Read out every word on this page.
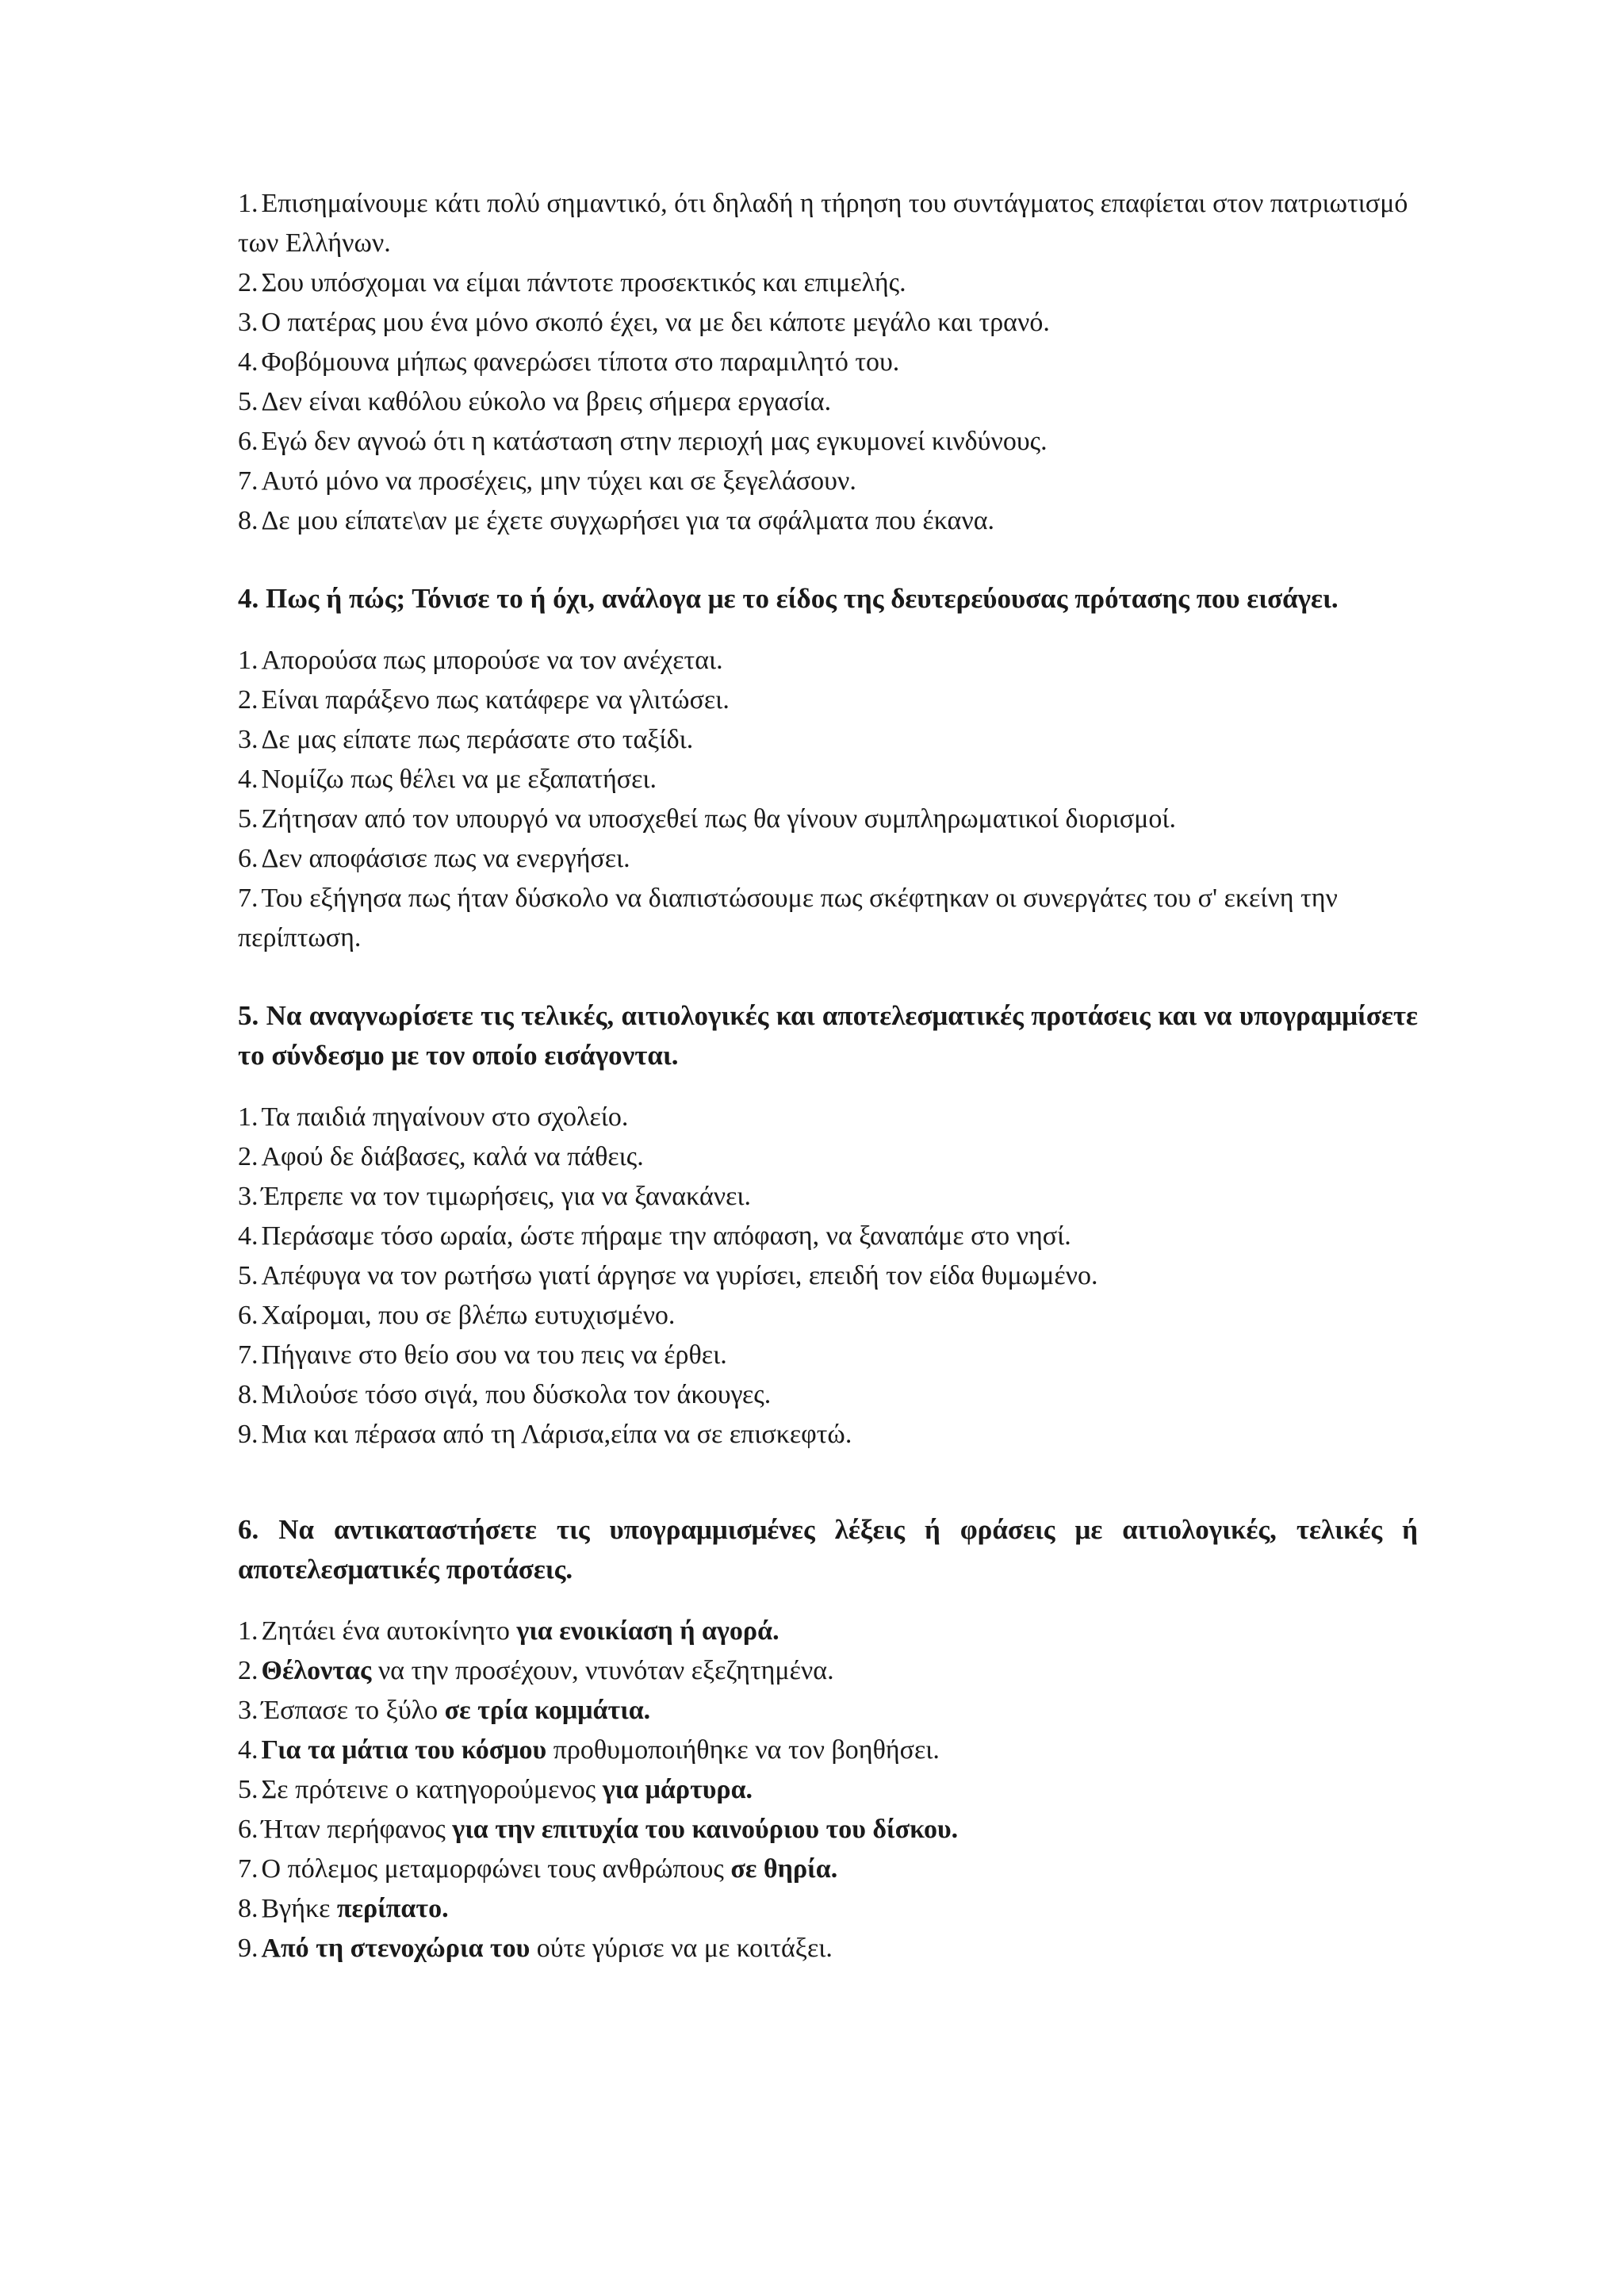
1. Επισημαίνουμε κάτι πολύ σημαντικό, ότι δηλαδή η τήρηση του συντάγματος επαφίεται στον πατριωτισμό των Ελλήνων.

2. Σου υπόσχομαι να είμαι πάντοτε προσεκτικός και επιμελής.

3. Ο πατέρας μου ένα μόνο σκοπό έχει, να με δει κάποτε μεγάλο και τρανό.

4. Φοβόμουνα μήπως φανερώσει τίποτα στο παραμιλητό του.

5. Δεν είναι καθόλου εύκολο να βρεις σήμερα εργασία.

6. Εγώ δεν αγνοώ ότι η κατάσταση στην περιοχή μας εγκυμονεί κινδύνους.

7. Αυτό μόνο να προσέχεις, μην τύχει και σε ξεγελάσουν.

8. Δε μου είπατε\αν με έχετε συγχωρήσει για τα σφάλματα που έκανα.

4. Πως ή πώς; Τόνισε το ή όχι, ανάλογα με το είδος της δευτερεύουσας πρότασης που εισάγει.

1. Απορούσα πως μπορούσε να τον ανέχεται.

2. Είναι παράξενο πως κατάφερε να γλιτώσει.

3. Δε μας είπατε πως περάσατε στο ταξίδι.

4. Νομίζω πως θέλει να με εξαπατήσει.

5. Ζήτησαν από τον υπουργό να υποσχεθεί πως θα γίνουν συμπληρωματικοί διορισμοί.

6. Δεν αποφάσισε πως να ενεργήσει.

7. Του εξήγησα πως ήταν δύσκολο να διαπιστώσουμε πως σκέφτηκαν οι συνεργάτες του σ' εκείνη την περίπτωση.

5. Να αναγνωρίσετε τις τελικές, αιτιολογικές και αποτελεσματικές προτάσεις και να υπογραμμίσετε το σύνδεσμο με τον οποίο εισάγονται.

1. Τα παιδιά πηγαίνουν στο σχολείο.

2. Αφού δε διάβασες, καλά να πάθεις.

3. Έπρεπε να τον τιμωρήσεις, για να ξανακάνει.

4. Περάσαμε τόσο ωραία, ώστε πήραμε την απόφαση, να ξαναπάμε στο νησί.

5. Απέφυγα να τον ρωτήσω γιατί άργησε να γυρίσει, επειδή τον είδα θυμωμένο.

6. Χαίρομαι, που σε βλέπω ευτυχισμένο.

7. Πήγαινε στο θείο σου να του πεις να έρθει.

8. Μιλούσε τόσο σιγά, που δύσκολα τον άκουγες.

9. Μια και πέρασα από τη Λάρισα,είπα να σε επισκεφτώ.

6. Να αντικαταστήσετε τις υπογραμμισμένες λέξεις ή φράσεις με αιτιολογικές, τελικές ή αποτελεσματικές προτάσεις.

1. Ζητάει ένα αυτοκίνητο για ενοικίαση ή αγορά.

2. Θέλοντας να την προσέχουν, ντυνόταν εξεζητημένα.

3. Έσπασε το ξύλο σε τρία κομμάτια.

4. Για τα μάτια του κόσμου προθυμοποιήθηκε να τον βοηθήσει.

5. Σε πρότεινε ο κατηγορούμενος για μάρτυρα.

6. Ήταν περήφανος για την επιτυχία του καινούριου του δίσκου.

7. Ο πόλεμος μεταμορφώνει τους ανθρώπους σε θηρία.

8. Βγήκε περίπατο.

9. Από τη στενοχώρια του ούτε γύρισε να με κοιτάξει.
